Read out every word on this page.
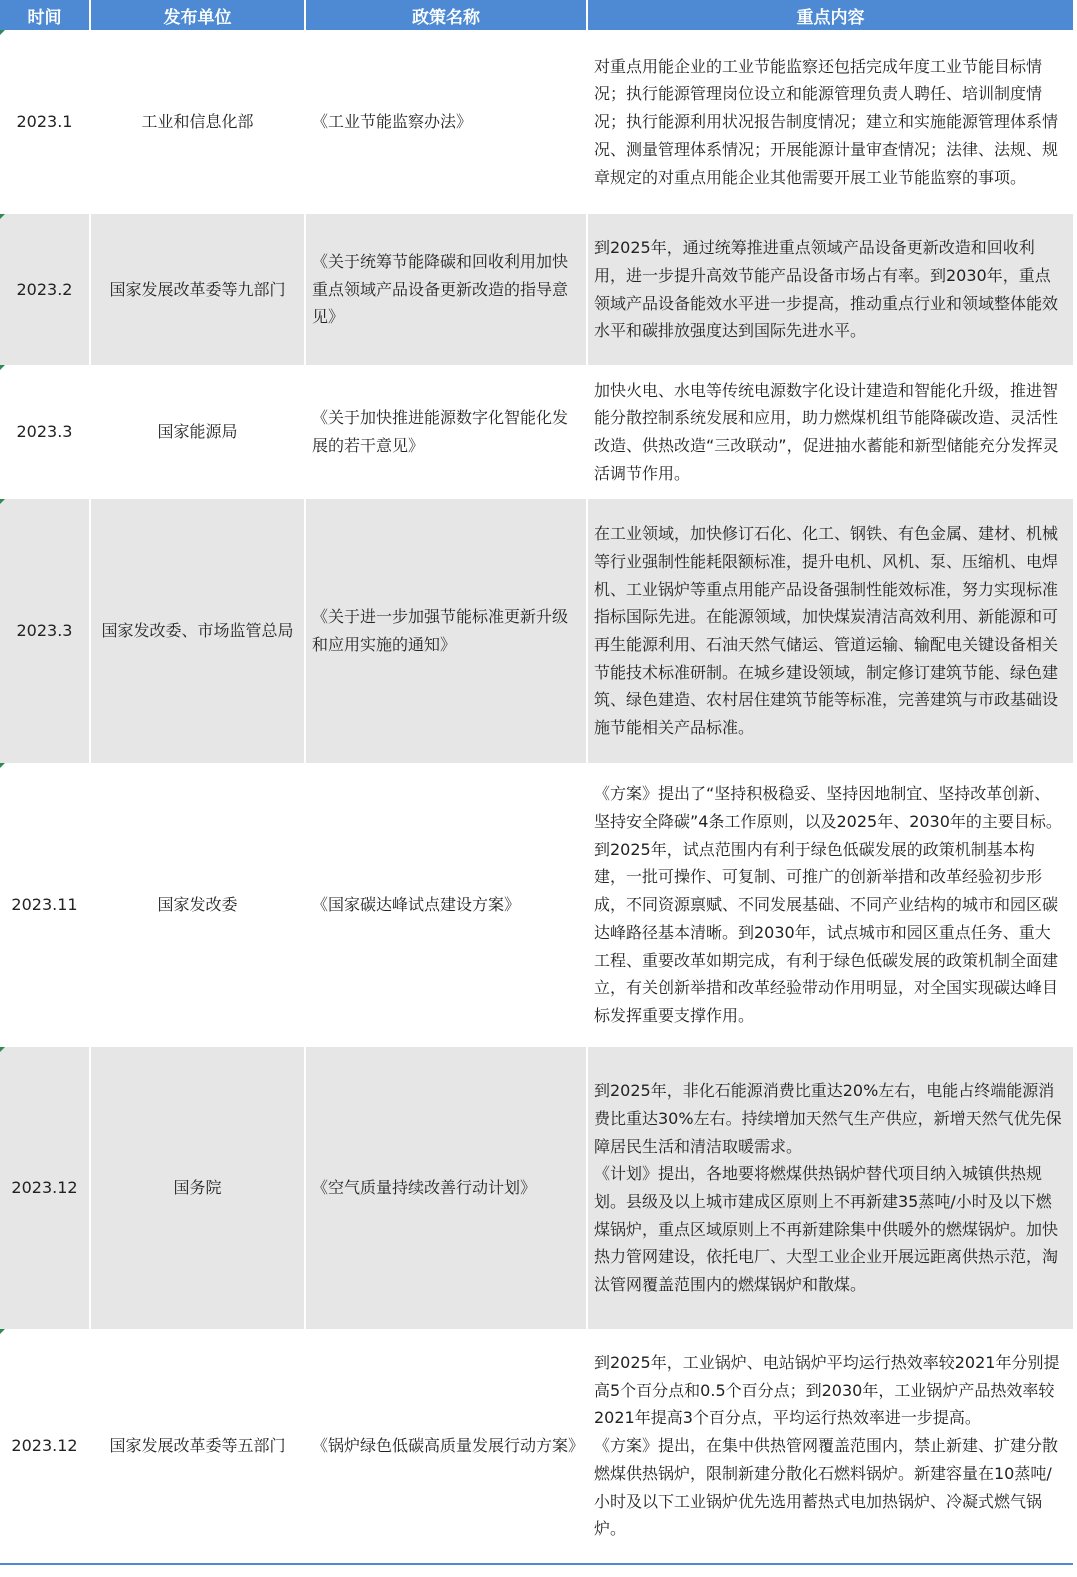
时间	发布单位	政策名称	重点内容
2023.1	工业和信息化部	《工业节能监察办法》	对重点用能企业的工业节能监察还包括完成年度工业节能目标情况；执行能源管理岗位设立和能源管理负责人聘任、培训制度情况；执行能源利用状况报告制度情况；建立和实施能源管理体系情况、测量管理体系情况；开展能源计量审查情况；法律、法规、规章规定的对重点用能企业其他需要开展工业节能监察的事项。

2023.2	国家发展改革委等九部门	《关于统筹节能降碳和回收利用加快重点领域产品设备更新改造的指导意见》	到2025年，通过统筹推进重点领域产品设备更新改造和回收利用，进一步提升高效节能产品设备市场占有率。到2030年，重点领域产品设备能效水平进一步提高，推动重点行业和领域整体能效水平和碳排放强度达到国际先进水平。

2023.3	国家能源局	《关于加快推进能源数字化智能化发展的若干意见》	加快火电、水电等传统电源数字化设计建造和智能化升级，推进智能分散控制系统发展和应用，助力燃煤机组节能降碳改造、灵活性改造、供热改造“三改联动”，促进抽水蓄能和新型储能充分发挥灵活调节作用。

2023.3	国家发改委、市场监管总局	《关于进一步加强节能标准更新升级和应用实施的通知》	在工业领域，加快修订石化、化工、钢铁、有色金属、建材、机械等行业强制性能耗限额标准，提升电机、风机、泵、压缩机、电焊机、工业锅炉等重点用能产品设备强制性能效标准，努力实现标准指标国际先进。在能源领域，加快煤炭清洁高效利用、新能源和可再生能源利用、石油天然气储运、管道运输、输配电关键设备相关节能技术标准研制。在城乡建设领域，制定修订建筑节能、绿色建筑、绿色建造、农村居住建筑节能等标准，完善建筑与市政基础设施节能相关产品标准。

2023.11	国家发改委	《国家碳达峰试点建设方案》	《方案》提出了“坚持积极稳妥、坚持因地制宜、坚持改革创新、坚持安全降碳”4条工作原则，以及2025年、2030年的主要目标。到2025年，试点范围内有利于绿色低碳发展的政策机制基本构建，一批可操作、可复制、可推广的创新举措和改革经验初步形成，不同资源禀赋、不同发展基础、不同产业结构的城市和园区碳达峰路径基本清晰。到2030年，试点城市和园区重点任务、重大工程、重要改革如期完成，有利于绿色低碳发展的政策机制全面建立，有关创新举措和改革经验带动作用明显，对全国实现碳达峰目标发挥重要支撑作用。

2023.12	国务院	《空气质量持续改善行动计划》	到2025年，非化石能源消费比重达20%左右，电能占终端能源消费比重达30%左右。持续增加天然气生产供应，新增天然气优先保障居民生活和清洁取暖需求。
《计划》提出，各地要将燃煤供热锅炉替代项目纳入城镇供热规划。县级及以上城市建成区原则上不再新建35蒸吨/小时及以下燃煤锅炉，重点区域原则上不再新建除集中供暖外的燃煤锅炉。加快热力管网建设，依托电厂、大型工业企业开展远距离供热示范，淘汰管网覆盖范围内的燃煤锅炉和散煤。

2023.12	国家发展改革委等五部门	《锅炉绿色低碳高质量发展行动方案》	到2025年，工业锅炉、电站锅炉平均运行热效率较2021年分别提高5个百分点和0.5个百分点；到2030年，工业锅炉产品热效率较2021年提高3个百分点，平均运行热效率进一步提高。
《方案》提出，在集中供热管网覆盖范围内，禁止新建、扩建分散燃煤供热锅炉，限制新建分散化石燃料锅炉。新建容量在10蒸吨/小时及以下工业锅炉优先选用蓄热式电加热锅炉、冷凝式燃气锅炉。
